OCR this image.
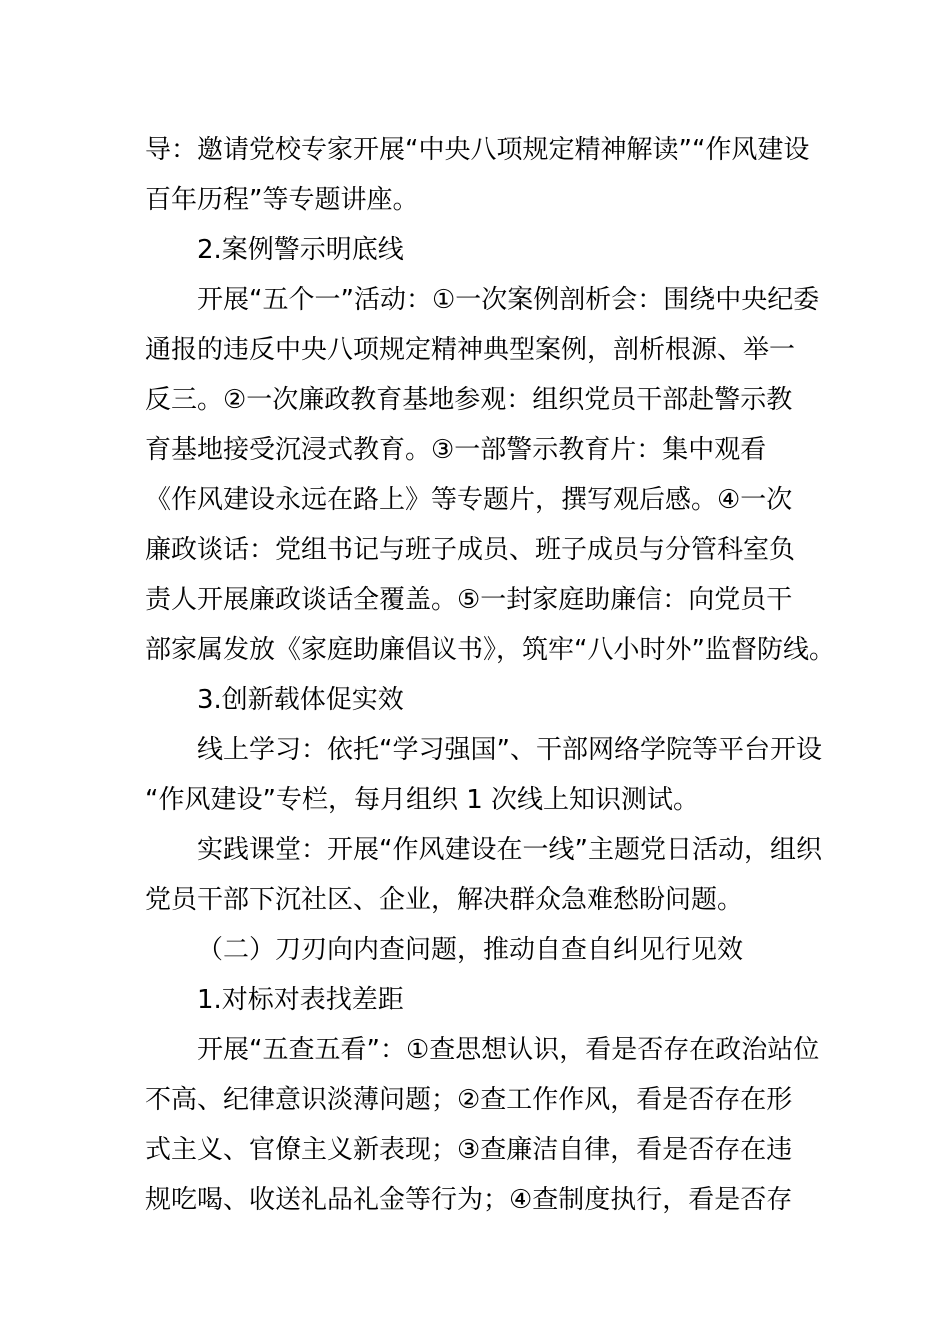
导：邀请党校专家开展“中央八项规定精神解读”“作风建设
百年历程”等专题讲座。
2.案例警示明底线
开展“五个一”活动：①一次案例剖析会：围绕中央纪委
通报的违反中央八项规定精神典型案例，剖析根源、举一
反三。②一次廉政教育基地参观：组织党员干部赴警示教
育基地接受沉浸式教育。③一部警示教育片：集中观看
《作风建设永远在路上》等专题片，撰写观后感。④一次
廉政谈话：党组书记与班子成员、班子成员与分管科室负
责人开展廉政谈话全覆盖。⑤一封家庭助廉信：向党员干
部家属发放《家庭助廉倡议书》，筑牢“八小时外”监督防线。
3.创新载体促实效
线上学习：依托“学习强国”、干部网络学院等平台开设
“作风建设”专栏，每月组织 1 次线上知识测试。
实践课堂：开展“作风建设在一线”主题党日活动，组织
党员干部下沉社区、企业，解决群众急难愁盼问题。
（二）刀刃向内查问题，推动自查自纠见行见效
1.对标对表找差距
开展“五查五看”：①查思想认识，看是否存在政治站位
不高、纪律意识淡薄问题；②查工作作风，看是否存在形
式主义、官僚主义新表现；③查廉洁自律，看是否存在违
规吃喝、收送礼品礼金等行为；④查制度执行，看是否存
